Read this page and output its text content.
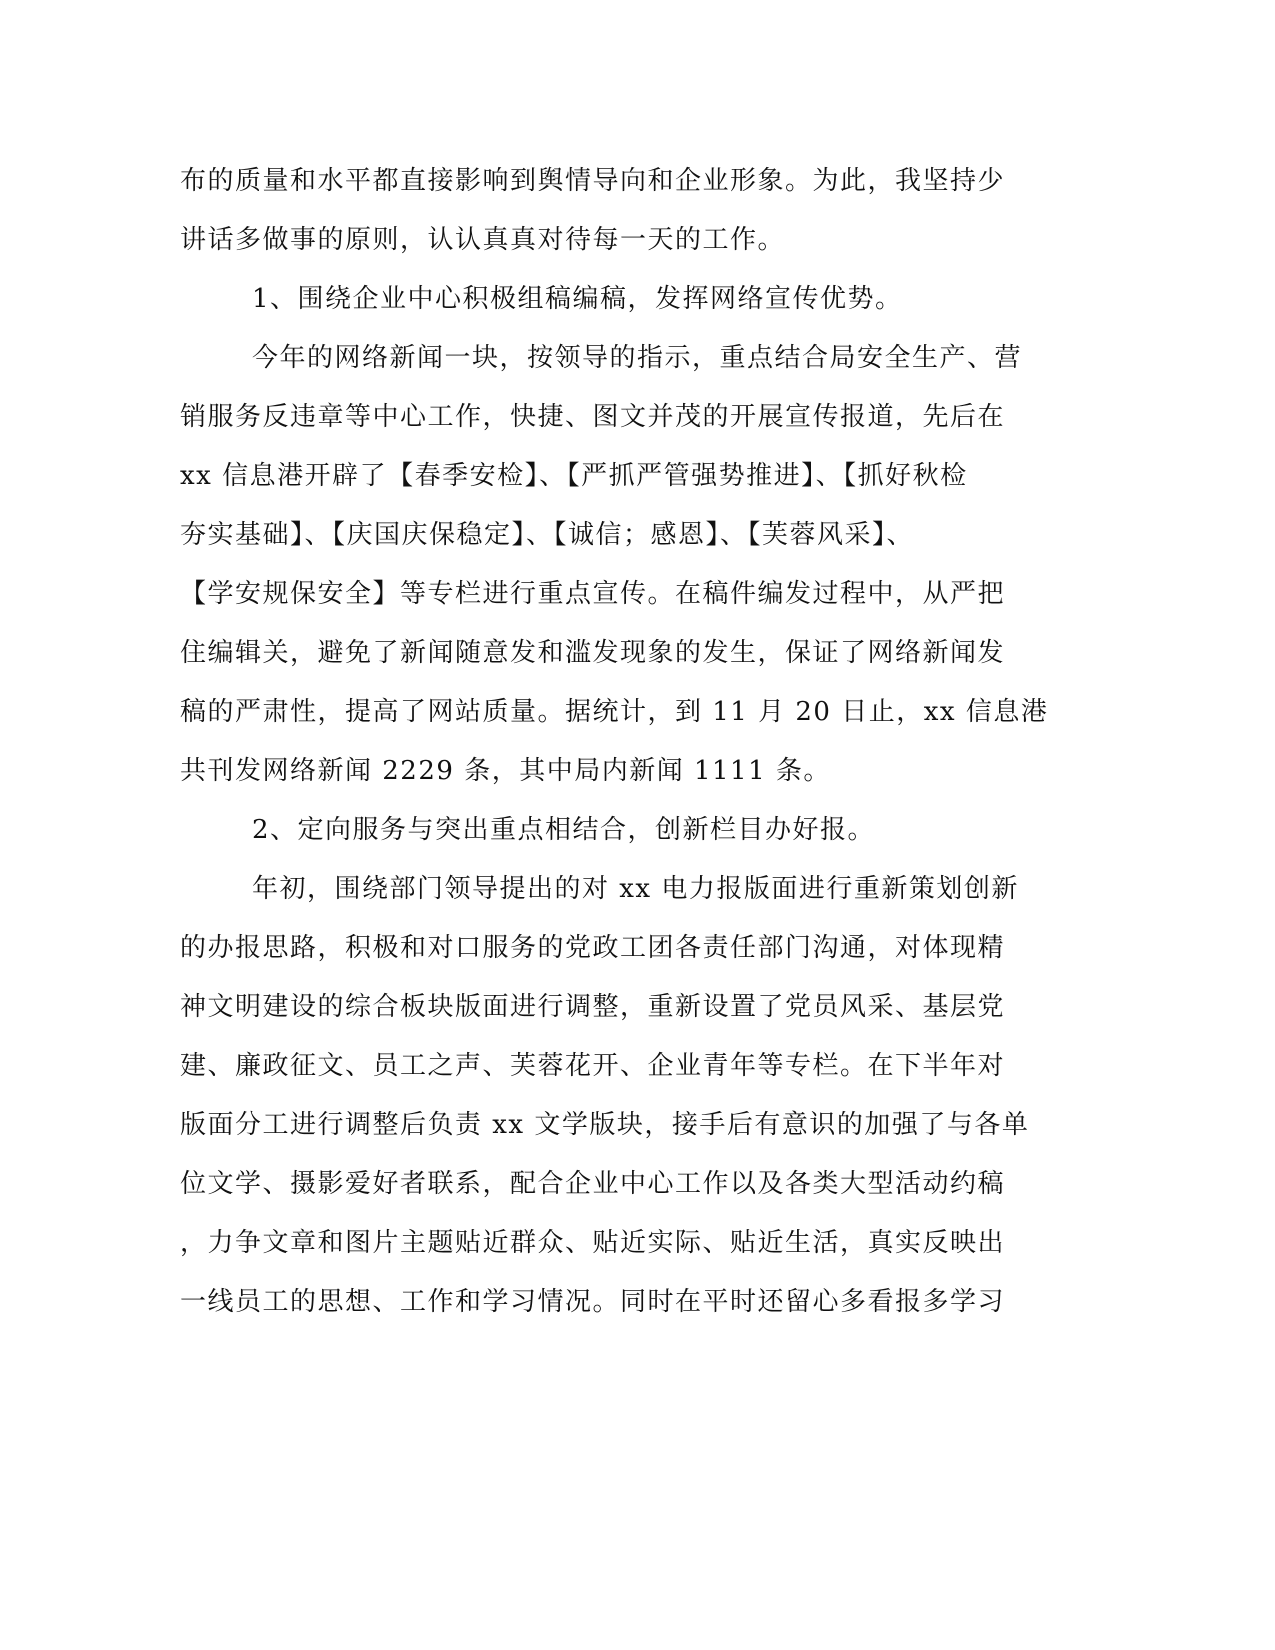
布的质量和水平都直接影响到舆情导向和企业形象。为此，我坚持少
讲话多做事的原则，认认真真对待每一天的工作。
1、围绕企业中心积极组稿编稿，发挥网络宣传优势。
今年的网络新闻一块，按领导的指示，重点结合局安全生产、营
销服务反违章等中心工作，快捷、图文并茂的开展宣传报道，先后在
xx 信息港开辟了【春季安检】、【严抓严管强势推进】、【抓好秋检
夯实基础】、【庆国庆保稳定】、【诚信；感恩】、【芙蓉风采】、
【学安规保安全】等专栏进行重点宣传。在稿件编发过程中，从严把
住编辑关，避免了新闻随意发和滥发现象的发生，保证了网络新闻发
稿的严肃性，提高了网站质量。据统计，到 11 月 20 日止，xx 信息港
共刊发网络新闻 2229 条，其中局内新闻 1111 条。
2、定向服务与突出重点相结合，创新栏目办好报。
年初，围绕部门领导提出的对 xx 电力报版面进行重新策划创新
的办报思路，积极和对口服务的党政工团各责任部门沟通，对体现精
神文明建设的综合板块版面进行调整，重新设置了党员风采、基层党
建、廉政征文、员工之声、芙蓉花开、企业青年等专栏。在下半年对
版面分工进行调整后负责 xx 文学版块，接手后有意识的加强了与各单
位文学、摄影爱好者联系，配合企业中心工作以及各类大型活动约稿
，力争文章和图片主题贴近群众、贴近实际、贴近生活，真实反映出
一线员工的思想、工作和学习情况。同时在平时还留心多看报多学习
